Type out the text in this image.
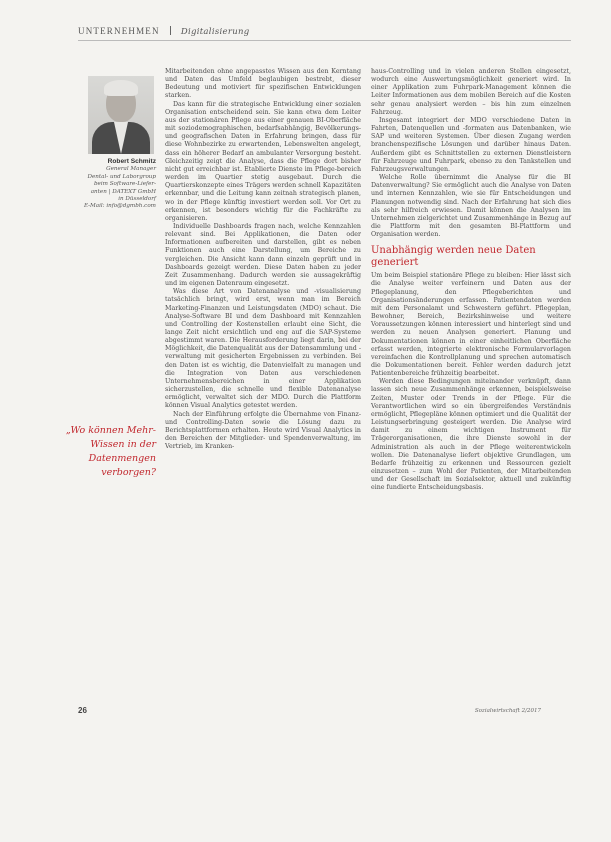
UNTERNEHMEN Digitalisierung
Robert Schmitz
General Manager
Dental- und Laborgroup
beim Software-Liefer-
anten | DATEXT GmbH
in Düsseldorf
E-Mail: info@dgmbh.com
„Wo können Mehr-Wissen in der Datenmengen verborgen?

Mitarbeitenden ohne angepasstes Wissen aus den Kerntang und Daten das Umfeld beglaubigen bestrebt, dieser Bedeutung und motiviert für spezifischen Entwicklungen starken.

Das kann für die strategische Entwicklung einer sozialen Organisation entscheidend sein. Sie kann etwa dem Leiter aus der stationären Pflege aus einer genauen BI-Oberfläche mit soziodemographischen, bedarfsabhängig, Bevölkerungs- und geografischen Daten in Erfahrung bringen, dass für diese Wohnbezirke zu erwartenden, Lebenswelten angelegt, dass ein höherer Bedarf an ambulanter Versorgung besteht. Gleichzeitig zeigt die Analyse, dass die Pflege dort bisher nicht gut erreichbar ist. Etablierte Dienste im Pflege-bereich werden im Quartier stetig ausgebaut. Durch die Quartierskonzepte eines Trägers werden schnell Kapazitäten erkennbar, und die Leitung kann zeitnah strategisch planen, wo in der Pflege künftig investiert werden soll. Vor Ort zu erkennen, ist besonders wichtig für die Fachkräfte zu organisieren.

Individuelle Dashboards fragen nach, welche Kennzahlen relevant sind. Bei Applikationen, die Daten oder Informationen aufbereiten und darstellen, gibt es neben Funktionen auch eine Darstellung, um Bereiche zu vergleichen. Die Ansicht kann dann einzeln geprüft und in Dashboards gezeigt werden. Diese Daten haben zu jeder Zeit Zusammenhang. Dadurch werden sie aussagekräftig und im eigenen Datenraum eingesetzt.

Was diese Art von Datenanalyse und -visualisierung tatsächlich bringt, wird erst, wenn man im Bereich Marketing-Finanzen und Leistungsdaten (MDO) schaut. Die Analyse-Software BI und dem Dashboard mit Kennzahlen und Controlling der Kostenstellen erlaubt eine Sicht, die lange Zeit nicht ersichtlich und eng auf die SAP-Systeme abgestimmt waren. Die Herausforderung liegt darin, bei der Möglichkeit, die Datenqualität aus der Datensammlung und -verwaltung mit gesicherten Ergebnissen zu verbinden. Bei den Daten ist es wichtig, die Datenvielfalt zu managen und die Integration von Daten aus verschiedenen Unternehmensbereichen in einer Applikation sicherzustellen, die schnelle und flexible Datenanalyse ermöglicht, verwaltet sich der MDO. Durch die Plattform können Visual Analytics getestet werden.

Nach der Einführung erfolgte die Übernahme von Finanz- und Controlling-Daten sowie die Lösung dazu zu Berichtsplattformen erhalten. Heute wird Visual Analytics in den Bereichen der Mitglieder- und Spendenverwaltung, im Vertrieb, im Kranken-

haus-Controlling und in vielen anderen Stellen eingesetzt, wodurch eine Auswertungsmöglichkeit generiert wird. In einer Applikation zum Fuhrpark-Management können die Leiter Informationen aus dem mobilen Bereich auf die Kosten sehr genau analysiert werden – bis hin zum einzelnen Fahrzeug.

Insgesamt integriert der MDO verschiedene Daten in Fahrten, Datenquellen und -formaten aus Datenbanken, wie SAP und weiteren Systemen. Über diesen Zugang werden branchenspezifische Lösungen und darüber hinaus Daten. Außerdem gibt es Schnittstellen zu externen Dienstleistern für Fahrzeuge und Fuhrpark, ebenso zu den Tankstellen und Fahrzeugsverwaltungen.

Welche Rolle übernimmt die Analyse für die BI Datenverwaltung? Sie ermöglicht auch die Analyse von Daten und internen Kennzahlen, wie sie für Entscheidungen und Planungen notwendig sind. Nach der Erfahrung hat sich dies als sehr hilfreich erwiesen. Damit können die Analysen im Unternehmen zielgerichtet und Zusammenhänge in Bezug auf die Plattform mit den gesamten BI-Plattform und Organisation werden.

Unabhängig werden neue Daten generiert

Um beim Beispiel stationäre Pflege zu bleiben: Hier lässt sich die Analyse weiter verfeinern und Daten aus der Pflegeplanung, den Pflegeberichten und Organisationsänderungen erfassen. Patientendaten werden mit dem Personalamt und Schwestern geführt. Pflegeplan, Bewohner, Bereich, Bezirkshinweise und weitere Voraussetzungen können interessiert und hinterlegt sind und werden zu neuen Analysen generiert. Planung und Dokumentationen können in einer einheitlichen Oberfläche erfasst werden, integrierte elektronische Formularvorlagen vereinfachen die Kontrollplanung und sprechen automatisch die Dokumentationen bereit. Fehler werden dadurch jetzt Patientenbereiche frühzeitig bearbeitet.

Werden diese Bedingungen miteinander verknüpft, dann lassen sich neue Zusammenhänge erkennen, beispielsweise Zeiten, Muster oder Trends in der Pflege. Für die Verantwortlichen wird so ein übergreifendes Verständnis ermöglicht, Pflegepläne können optimiert und die Qualität der Leistungserbringung gesteigert werden. Die Analyse wird damit zu einem wichtigen Instrument für Trägerorganisationen, die ihre Dienste sowohl in der Administration als auch in der Pflege weiterentwickeln wollen. Die Datenanalyse liefert objektive Grundlagen, um Bedarfe frühzeitig zu erkennen und Ressourcen gezielt einzusetzen – zum Wohl der Patienten, der Mitarbeitenden und der Gesellschaft im Sozialsektor, aktuell und zukünftig eine fundierte Entscheidungsbasis.

26	Sozialwirtschaft 2/2017
